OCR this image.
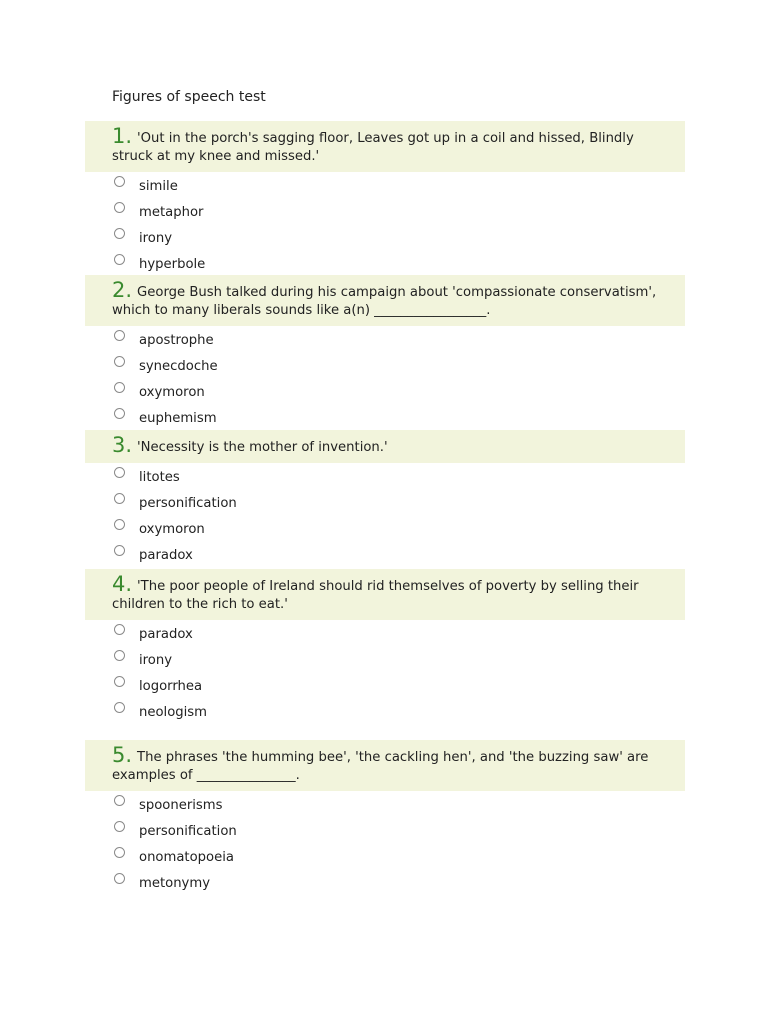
Figures of speech test
1. 'Out in the porch's sagging floor, Leaves got up in a coil and hissed, Blindly struck at my knee and missed.'
simile
metaphor
irony
hyperbole
2. George Bush talked during his campaign about 'compassionate conservatism', which to many liberals sounds like a(n) _________________.
apostrophe
synecdoche
oxymoron
euphemism
3. 'Necessity is the mother of invention.'
litotes
personification
oxymoron
paradox
4. 'The poor people of Ireland should rid themselves of poverty by selling their children to the rich to eat.'
paradox
irony
logorrhea
neologism
5. The phrases 'the humming bee', 'the cackling hen', and 'the buzzing saw' are examples of _______________.
spoonerisms
personification
onomatopoeia
metonymy
